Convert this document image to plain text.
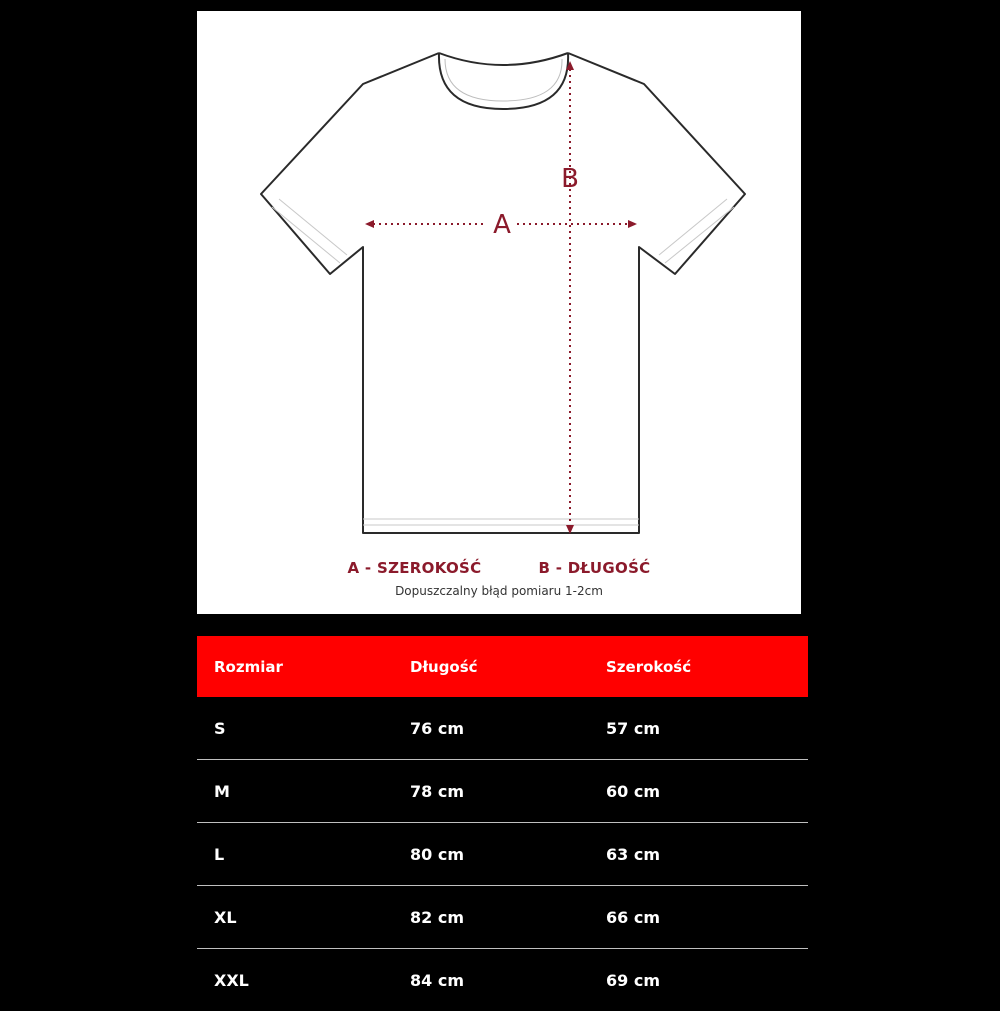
A
B
A - SZEROKOŚĆ	B - DŁUGOŚĆ
Dopuszczalny błąd pomiaru 1-2cm
Rozmiar	Długość	Szerokość
S	76 cm	57 cm
M	78 cm	60 cm
L	80 cm	63 cm
XL	82 cm	66 cm
XXL	84 cm	69 cm
